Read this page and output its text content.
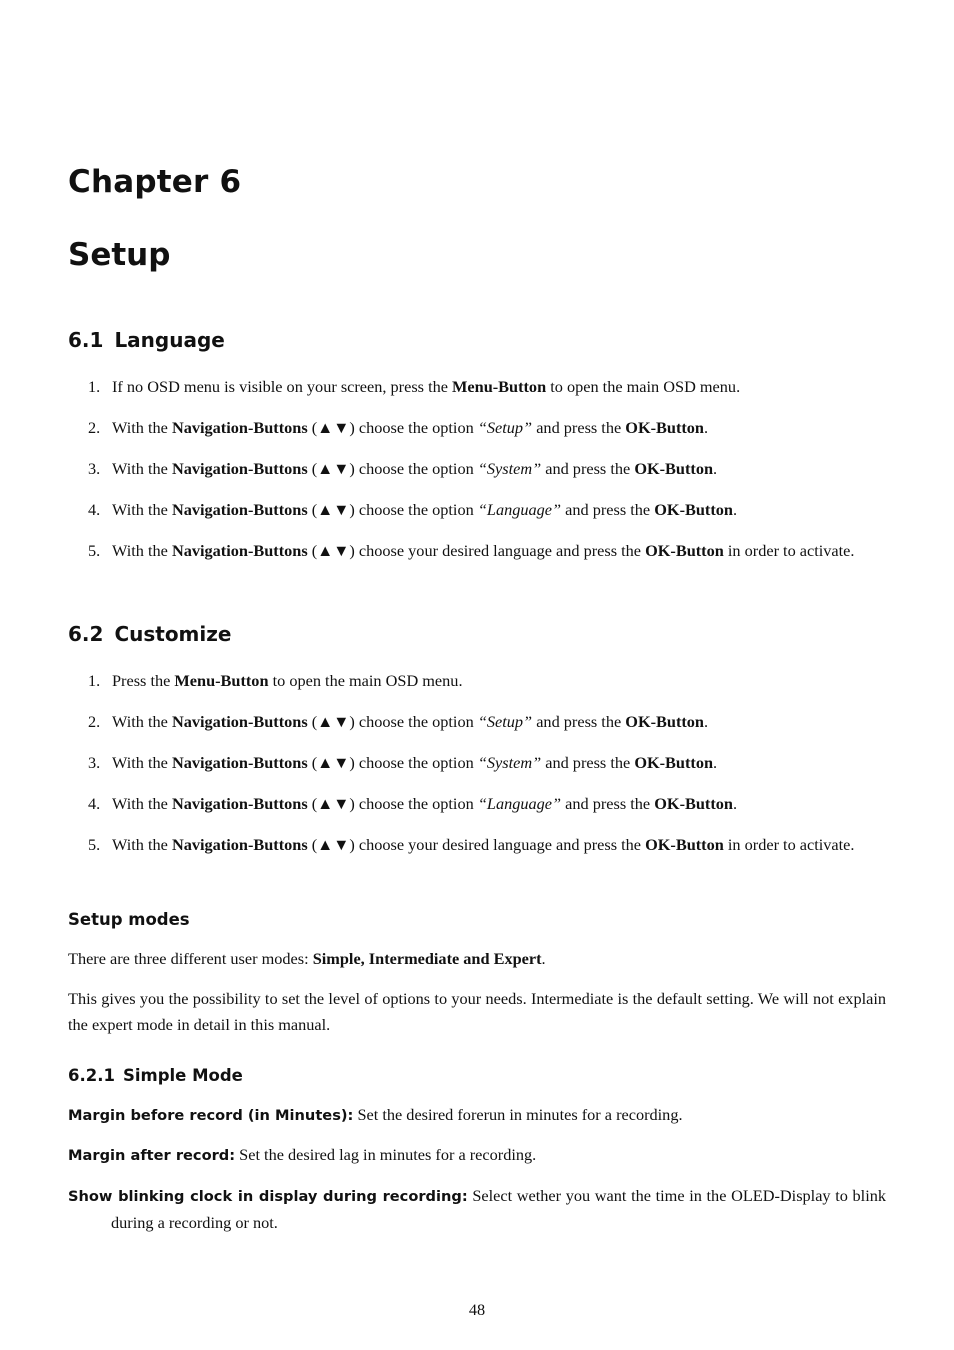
Chapter 6
Setup
6.1 Language
1. If no OSD menu is visible on your screen, press the Menu-Button to open the main OSD menu.
2. With the Navigation-Buttons (▲▼) choose the option “Setup” and press the OK-Button.
3. With the Navigation-Buttons (▲▼) choose the option “System” and press the OK-Button.
4. With the Navigation-Buttons (▲▼) choose the option “Language” and press the OK-Button.
5. With the Navigation-Buttons (▲▼) choose your desired language and press the OK-Button in order to activate.
6.2 Customize
1. Press the Menu-Button to open the main OSD menu.
2. With the Navigation-Buttons (▲▼) choose the option “Setup” and press the OK-Button.
3. With the Navigation-Buttons (▲▼) choose the option “System” and press the OK-Button.
4. With the Navigation-Buttons (▲▼) choose the option “Language” and press the OK-Button.
5. With the Navigation-Buttons (▲▼) choose your desired language and press the OK-Button in order to activate.
Setup modes
There are three different user modes: Simple, Intermediate and Expert.
This gives you the possibility to set the level of options to your needs. Intermediate is the default setting. We will not explain the expert mode in detail in this manual.
6.2.1 Simple Mode
Margin before record (in Minutes): Set the desired forerun in minutes for a recording.
Margin after record: Set the desired lag in minutes for a recording.
Show blinking clock in display during recording: Select wether you want the time in the OLED-Display to blink during a recording or not.
48
